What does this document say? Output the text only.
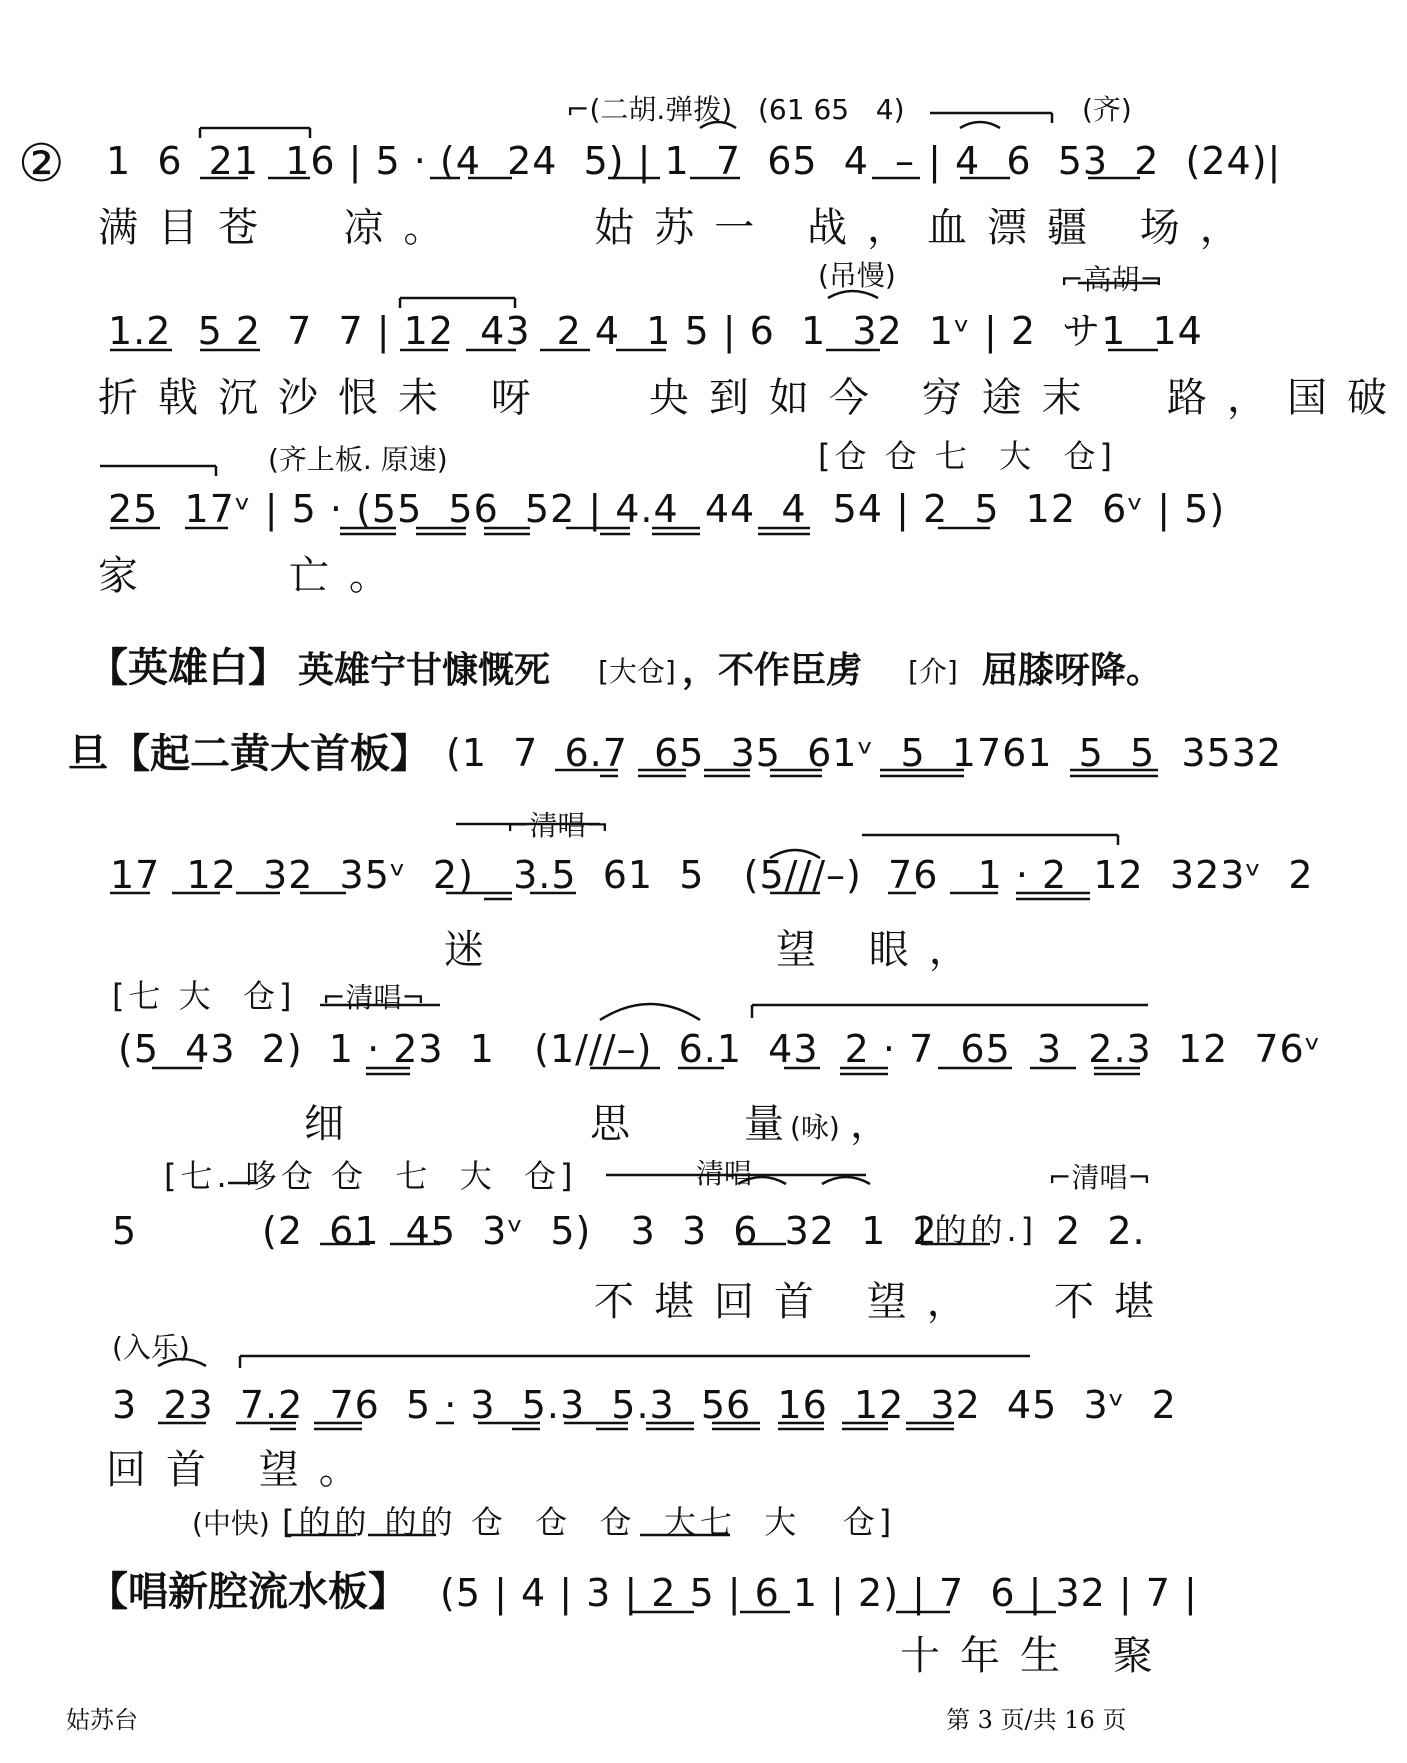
②
⌐(二胡.弹拨) (61 65   4)	(齐)
1  6  21  16 | 5 · (4  24  5) | 1  7  65  4  – | 4  6  53  2  (24)|
满目苍  凉。    姑苏一 战，血漂疆 场，
(吊慢)	⌐高胡¬
1.2  5 2  7  7 | 12  43  2 4  1 5 | 6  1  32  1ᵛ | 2  サ1  14
折戟沉沙恨未 呀   央到如今 穷途末  路，国破
(齐上板. 原速)	[仓 仓 七  大  仓]
25  17ᵛ | 5 · (55  56  52 | 4.4  44  4  54 | 2  5  12  6ᵛ | 5)
家    亡。
【英雄白】 英雄宁甘慷慨死 [大仓] ，不作臣虏 [介] 屈膝呀降。
旦 【起二黄大首板】 (1  7  6.7  65  35  61ᵛ  5  1761  5  5  3532
⌐清唱¬
17  12  32  35ᵛ  2)   3.5  61  5   (5///–)  76   1 · 2  12  323ᵛ  2
迷	望 眼，
[七 大  仓] ⌐清唱¬
(5  43  2)  1 · 23  1   (1///–)  6.1  43  2 · 7  65  3  2.3  12  76ᵛ
细	思 量
(咏) ，
[七. 哆仓 仓  七  大  仓]	清唱	⌐清唱¬
5	(2  61  45  3ᵛ  5)   3  3  6  32  1  2
[的的.] 2  2.
不堪回首 望， 不堪
(入乐)
3  23  7.2  76  5 · 3  5.3  5.3  56  16  12  32  45  3ᵛ  2
回首 望。
(中快) [的的 的的 仓  仓  仓  大七  大   仓]
【唱新腔流水板】 (5 | 4 | 3 | 2 5 | 6 1 | 2) | 7  6 | 32 | 7 |
十年生 聚
姑苏台	第 3 页/共 16 页
